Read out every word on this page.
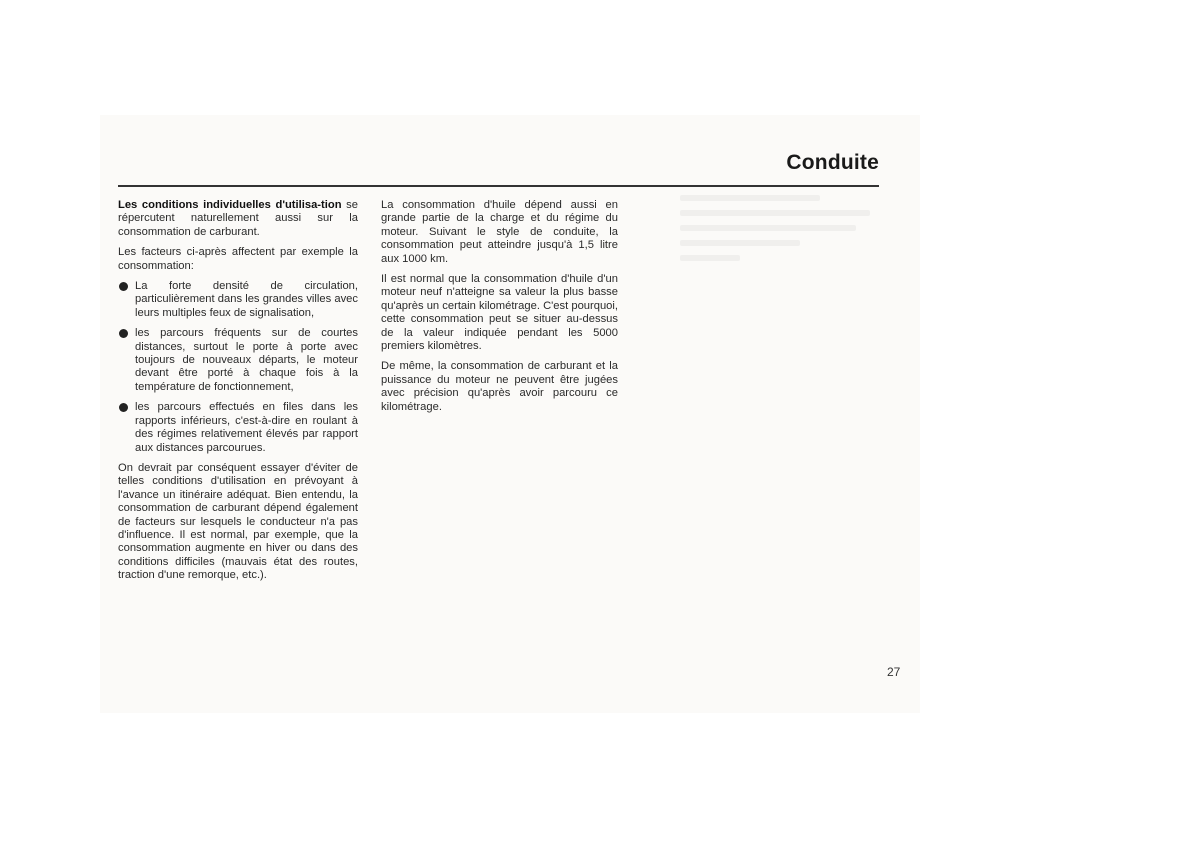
Conduite

Les conditions individuelles d'utilisa-tion se répercutent naturellement aussi sur la consommation de carburant.

Les facteurs ci-après affectent par exemple la consommation:

La forte densité de circulation, particulièrement dans les grandes villes avec leurs multiples feux de signalisation,
les parcours fréquents sur de courtes distances, surtout le porte à porte avec toujours de nouveaux départs, le moteur devant être porté à chaque fois à la température de fonctionnement,
les parcours effectués en files dans les rapports inférieurs, c'est-à-dire en roulant à des régimes relativement élevés par rapport aux distances parcourues.

On devrait par conséquent essayer d'éviter de telles conditions d'utilisation en prévoyant à l'avance un itinéraire adéquat. Bien entendu, la consommation de carburant dépend également de facteurs sur lesquels le conducteur n'a pas d'influence. Il est normal, par exemple, que la consommation augmente en hiver ou dans des conditions difficiles (mauvais état des routes, traction d'une remorque, etc.).

La consommation d'huile dépend aussi en grande partie de la charge et du régime du moteur. Suivant le style de conduite, la consommation peut atteindre jusqu'à 1,5 litre aux 1000 km.

Il est normal que la consommation d'huile d'un moteur neuf n'atteigne sa valeur la plus basse qu'après un certain kilométrage. C'est pourquoi, cette consommation peut se situer au-dessus de la valeur indiquée pendant les 5000 premiers kilomètres.

De même, la consommation de carburant et la puissance du moteur ne peuvent être jugées avec précision qu'après avoir parcouru ce kilométrage.

27
